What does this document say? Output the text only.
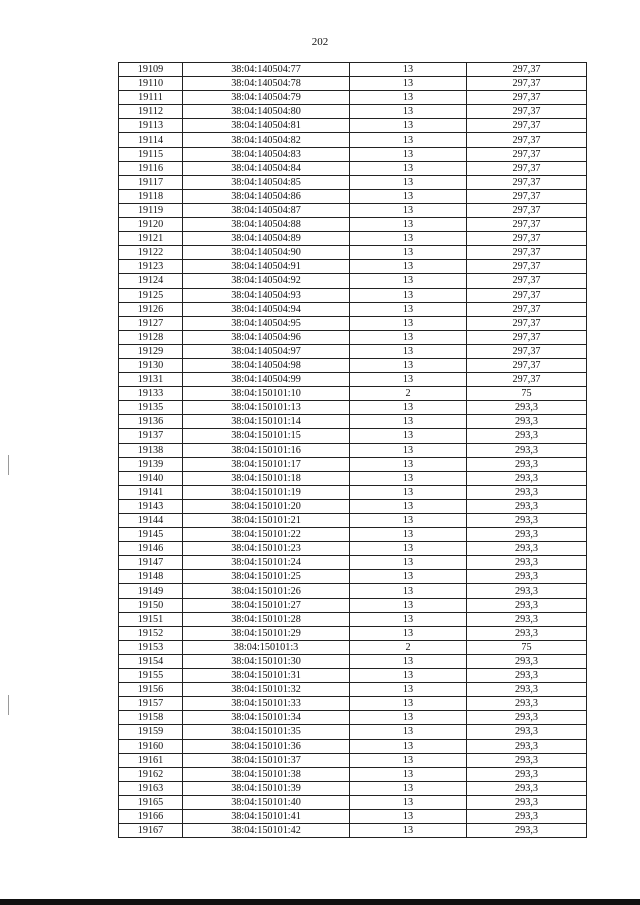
202
19109	38:04:140504:77	13	297,37
19110	38:04:140504:78	13	297,37
19111	38:04:140504:79	13	297,37
19112	38:04:140504:80	13	297,37
19113	38:04:140504:81	13	297,37
19114	38:04:140504:82	13	297,37
19115	38:04:140504:83	13	297,37
19116	38:04:140504:84	13	297,37
19117	38:04:140504:85	13	297,37
19118	38:04:140504:86	13	297,37
19119	38:04:140504:87	13	297,37
19120	38:04:140504:88	13	297,37
19121	38:04:140504:89	13	297,37
19122	38:04:140504:90	13	297,37
19123	38:04:140504:91	13	297,37
19124	38:04:140504:92	13	297,37
19125	38:04:140504:93	13	297,37
19126	38:04:140504:94	13	297,37
19127	38:04:140504:95	13	297,37
19128	38:04:140504:96	13	297,37
19129	38:04:140504:97	13	297,37
19130	38:04:140504:98	13	297,37
19131	38:04:140504:99	13	297,37
19133	38:04:150101:10	2	75
19135	38:04:150101:13	13	293,3
19136	38:04:150101:14	13	293,3
19137	38:04:150101:15	13	293,3
19138	38:04:150101:16	13	293,3
19139	38:04:150101:17	13	293,3
19140	38:04:150101:18	13	293,3
19141	38:04:150101:19	13	293,3
19143	38:04:150101:20	13	293,3
19144	38:04:150101:21	13	293,3
19145	38:04:150101:22	13	293,3
19146	38:04:150101:23	13	293,3
19147	38:04:150101:24	13	293,3
19148	38:04:150101:25	13	293,3
19149	38:04:150101:26	13	293,3
19150	38:04:150101:27	13	293,3
19151	38:04:150101:28	13	293,3
19152	38:04:150101:29	13	293,3
19153	38:04:150101:3	2	75
19154	38:04:150101:30	13	293,3
19155	38:04:150101:31	13	293,3
19156	38:04:150101:32	13	293,3
19157	38:04:150101:33	13	293,3
19158	38:04:150101:34	13	293,3
19159	38:04:150101:35	13	293,3
19160	38:04:150101:36	13	293,3
19161	38:04:150101:37	13	293,3
19162	38:04:150101:38	13	293,3
19163	38:04:150101:39	13	293,3
19165	38:04:150101:40	13	293,3
19166	38:04:150101:41	13	293,3
19167	38:04:150101:42	13	293,3
